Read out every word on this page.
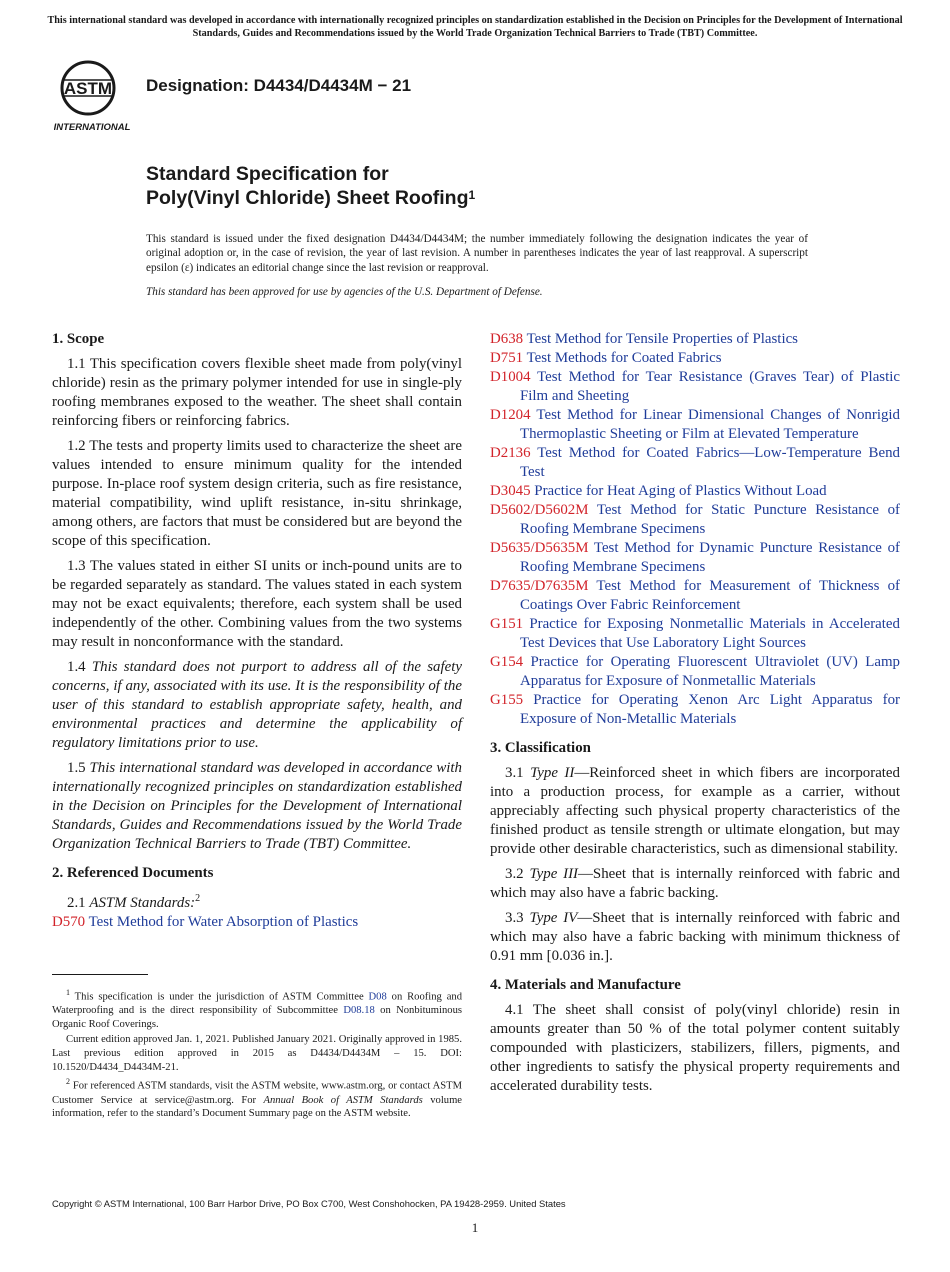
This international standard was developed in accordance with internationally recognized principles on standardization established in the Decision on Principles for the Development of International Standards, Guides and Recommendations issued by the World Trade Organization Technical Barriers to Trade (TBT) Committee.
ASTM
INTERNATIONAL
Designation: D4434/D4434M − 21
Standard Specification for
Poly(Vinyl Chloride) Sheet Roofing$^1$
This standard is issued under the fixed designation D4434/D4434M; the number immediately following the designation indicates the year of original adoption or, in the case of revision, the year of last revision. A number in parentheses indicates the year of last reapproval. A superscript epsilon (ε) indicates an editorial change since the last revision or reapproval.
This standard has been approved for use by agencies of the U.S. Department of Defense.
1. Scope

1.1 This specification covers flexible sheet made from poly(vinyl chloride) resin as the primary polymer intended for use in single-ply roofing membranes exposed to the weather. The sheet shall contain reinforcing fibers or reinforcing fabrics.

1.2 The tests and property limits used to characterize the sheet are values intended to ensure minimum quality for the intended purpose. In-place roof system design criteria, such as fire resistance, material compatibility, wind uplift resistance, in-situ shrinkage, among others, are factors that must be considered but are beyond the scope of this specification.

1.3 The values stated in either SI units or inch-pound units are to be regarded separately as standard. The values stated in each system may not be exact equivalents; therefore, each system shall be used independently of the other. Combining values from the two systems may result in nonconformance with the standard.

1.4 This standard does not purport to address all of the safety concerns, if any, associated with its use. It is the responsibility of the user of this standard to establish appropriate safety, health, and environmental practices and determine the applicability of regulatory limitations prior to use.

1.5 This international standard was developed in accordance with internationally recognized principles on standardization established in the Decision on Principles for the Development of International Standards, Guides and Recommendations issued by the World Trade Organization Technical Barriers to Trade (TBT) Committee.

2. Referenced Documents

2.1 ASTM Standards:$^2$

D570 Test Method for Water Absorption of Plastics

D638 Test Method for Tensile Properties of Plastics

D751 Test Methods for Coated Fabrics

D1004 Test Method for Tear Resistance (Graves Tear) of Plastic Film and Sheeting

D1204 Test Method for Linear Dimensional Changes of Nonrigid Thermoplastic Sheeting or Film at Elevated Temperature

D2136 Test Method for Coated Fabrics—Low-Temperature Bend Test

D3045 Practice for Heat Aging of Plastics Without Load

D5602/D5602M Test Method for Static Puncture Resistance of Roofing Membrane Specimens

D5635/D5635M Test Method for Dynamic Puncture Resistance of Roofing Membrane Specimens

D7635/D7635M Test Method for Measurement of Thickness of Coatings Over Fabric Reinforcement

G151 Practice for Exposing Nonmetallic Materials in Accelerated Test Devices that Use Laboratory Light Sources

G154 Practice for Operating Fluorescent Ultraviolet (UV) Lamp Apparatus for Exposure of Nonmetallic Materials

G155 Practice for Operating Xenon Arc Light Apparatus for Exposure of Non-Metallic Materials

3. Classification

3.1 Type II—Reinforced sheet in which fibers are incorporated into a production process, for example as a carrier, without appreciably affecting such physical property characteristics of the finished product as tensile strength or ultimate elongation, but may provide other desirable characteristics, such as dimensional stability.

3.2 Type III—Sheet that is internally reinforced with fabric and which may also have a fabric backing.

3.3 Type IV—Sheet that is internally reinforced with fabric and which may also have a fabric backing with minimum thickness of 0.91 mm [0.036 in.].

4. Materials and Manufacture

4.1 The sheet shall consist of poly(vinyl chloride) resin in amounts greater than 50 % of the total polymer content suitably compounded with plasticizers, stabilizers, fillers, pigments, and other ingredients to satisfy the physical property requirements and accelerated durability tests.

$^1$ This specification is under the jurisdiction of ASTM Committee D08 on Roofing and Waterproofing and is the direct responsibility of Subcommittee D08.18 on Nonbituminous Organic Roof Coverings.

Current edition approved Jan. 1, 2021. Published January 2021. Originally approved in 1985. Last previous edition approved in 2015 as D4434/D4434M – 15. DOI: 10.1520/D4434_D4434M-21.

$^2$ For referenced ASTM standards, visit the ASTM website, www.astm.org, or contact ASTM Customer Service at service@astm.org. For Annual Book of ASTM Standards volume information, refer to the standard’s Document Summary page on the ASTM website.

Copyright © ASTM International, 100 Barr Harbor Drive, PO Box C700, West Conshohocken, PA 19428-2959. United States
1
